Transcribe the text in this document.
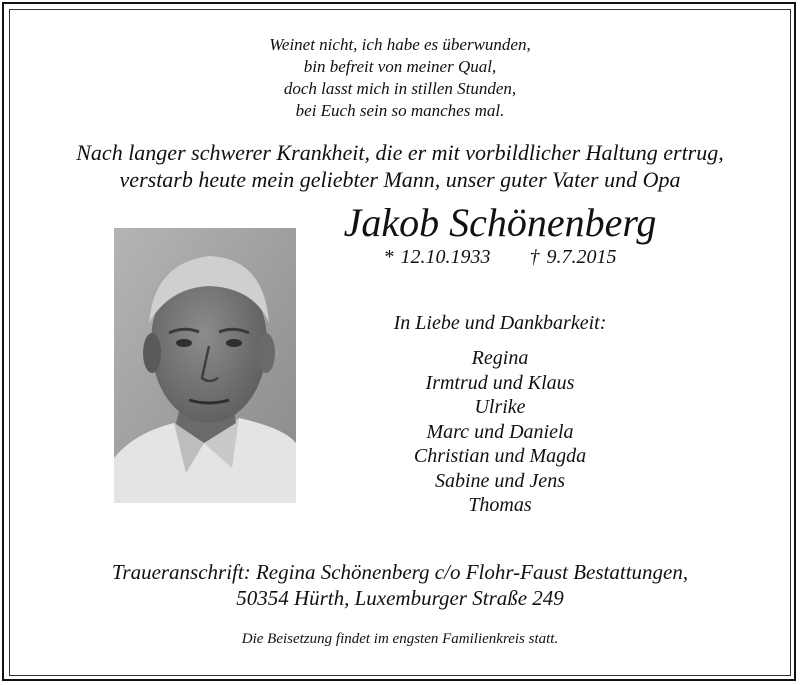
Weinet nicht, ich habe es überwunden,
bin befreit von meiner Qual,
doch lasst mich in stillen Stunden,
bei Euch sein so manches mal.
Nach langer schwerer Krankheit, die er mit vorbildlicher Haltung ertrug,
verstarb heute mein geliebter Mann, unser guter Vater und Opa
Jakob Schönenberg
* 12.10.1933 † 9.7.2015
In Liebe und Dankbarkeit:
Regina
Irmtrud und Klaus
Ulrike
Marc und Daniela
Christian und Magda
Sabine und Jens
Thomas
Traueranschrift: Regina Schönenberg c/o Flohr-Faust Bestattungen,
50354 Hürth, Luxemburger Straße 249
Die Beisetzung findet im engsten Familienkreis statt.
